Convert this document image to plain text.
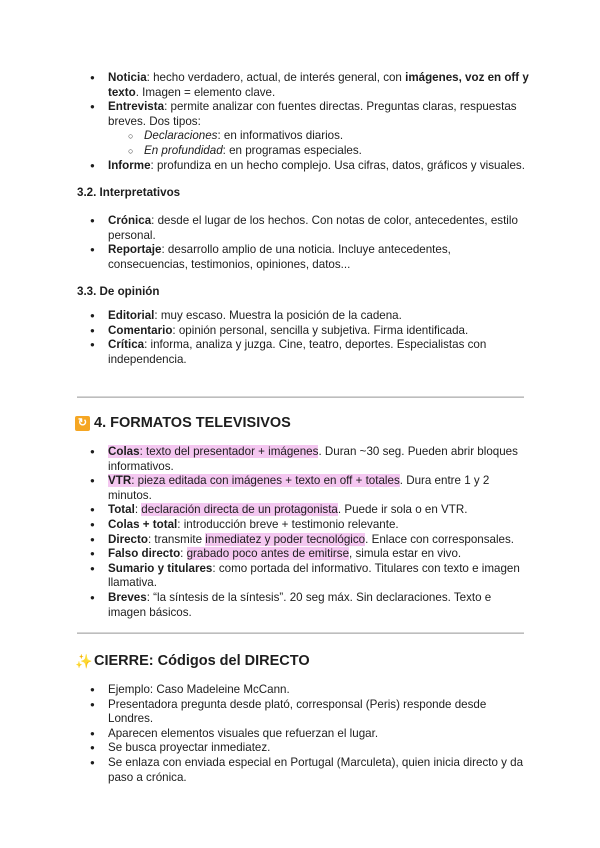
● Noticia: hecho verdadero, actual, de interés general, con imágenes, voz en off y texto. Imagen = elemento clave.
● Entrevista: permite analizar con fuentes directas. Preguntas claras, respuestas breves. Dos tipos:
○ Declaraciones: en informativos diarios.
○ En profundidad: en programas especiales.
● Informe: profundiza en un hecho complejo. Usa cifras, datos, gráficos y visuales.
3.2. Interpretativos
● Crónica: desde el lugar de los hechos. Con notas de color, antecedentes, estilo personal.
● Reportaje: desarrollo amplio de una noticia. Incluye antecedentes, consecuencias, testimonios, opiniones, datos...
3.3. De opinión
● Editorial: muy escaso. Muestra la posición de la cadena.
● Comentario: opinión personal, sencilla y subjetiva. Firma identificada.
● Crítica: informa, analiza y juzga. Cine, teatro, deportes. Especialistas con independencia.
↻ 4. FORMATOS TELEVISIVOS
● Colas: texto del presentador + imágenes. Duran ~30 seg. Pueden abrir bloques informativos.
● VTR: pieza editada con imágenes + texto en off + totales. Dura entre 1 y 2 minutos.
● Total: declaración directa de un protagonista. Puede ir sola o en VTR.
● Colas + total: introducción breve + testimonio relevante.
● Directo: transmite inmediatez y poder tecnológico. Enlace con corresponsales.
● Falso directo: grabado poco antes de emitirse, simula estar en vivo.
● Sumario y titulares: como portada del informativo. Titulares con texto e imagen llamativa.
● Breves: “la síntesis de la síntesis”. 20 seg máx. Sin declaraciones. Texto e imagen básicos.
✨ CIERRE: Códigos del DIRECTO
● Ejemplo: Caso Madeleine McCann.
● Presentadora pregunta desde plató, corresponsal (Peris) responde desde Londres.
● Aparecen elementos visuales que refuerzan el lugar.
● Se busca proyectar inmediatez.
● Se enlaza con enviada especial en Portugal (Marculeta), quien inicia directo y da paso a crónica.
